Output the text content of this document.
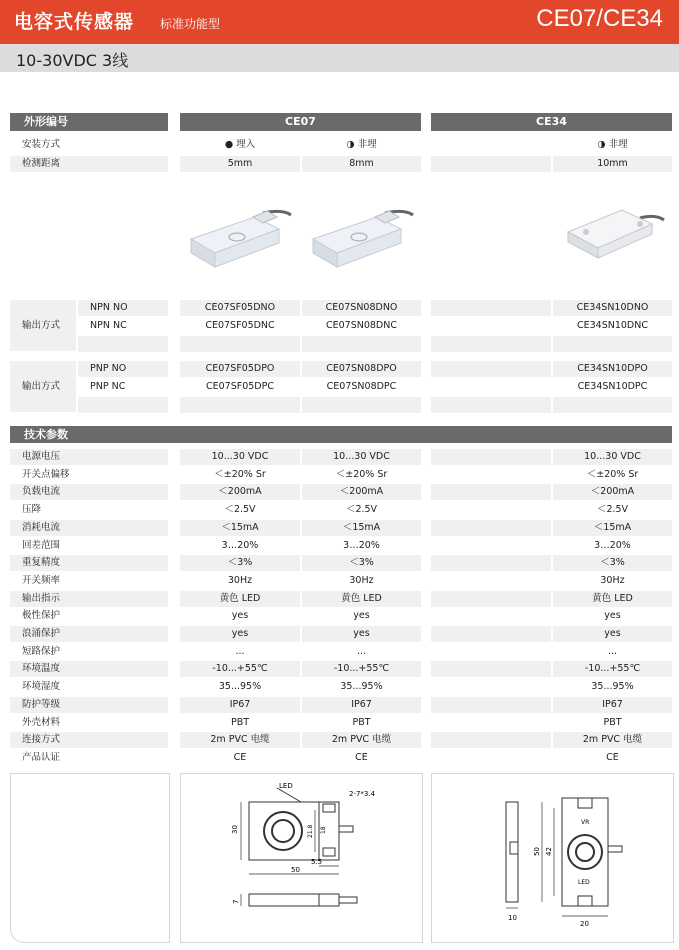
电容式传感器 标准功能型	CE07/CE34
10-30VDC 3线
外形编号	CE07	CE34
安装方式	● 埋入	◑ 非埋	◑ 非埋
检测距离	5mm	8mm	10mm
输出方式
NPN NO	CE07SF05DNO	CE07SN08DNO	CE34SN10DNO
NPN NC	CE07SF05DNC	CE07SN08DNC	CE34SN10DNC
输出方式
PNP NO	CE07SF05DPO	CE07SN08DPO	CE34SN10DPO
PNP NC	CE07SF05DPC	CE07SN08DPC	CE34SN10DPC
技术参数
电源电压	10...30 VDC	10...30 VDC	10...30 VDC
开关点偏移	＜±20% Sr	＜±20% Sr	＜±20% Sr
负载电流	＜200mA	＜200mA	＜200mA
压降	＜2.5V	＜2.5V	＜2.5V
消耗电流	＜15mA	＜15mA	＜15mA
回差范围	3…20%	3…20%	3…20%
重复精度	＜3%	＜3%	＜3%
开关频率	30Hz	30Hz	30Hz
输出指示	黄色 LED	黄色 LED	黄色 LED
极性保护	yes	yes	yes
浪涌保护	yes	yes	yes
短路保护	...	...	...
环境温度	-10...+55℃	-10...+55℃	-10...+55℃
环境湿度	35...95%	35...95%	35...95%
防护等级	IP67	IP67	IP67
外壳材料	PBT	PBT	PBT
连接方式	2m PVC 电缆	2m PVC 电缆	2m PVC 电缆
产品认证	CE	CE	CE
LED
2-7*3.4
30	21.8 18
5.5
50
7
10
VR
LED
50 42
20
